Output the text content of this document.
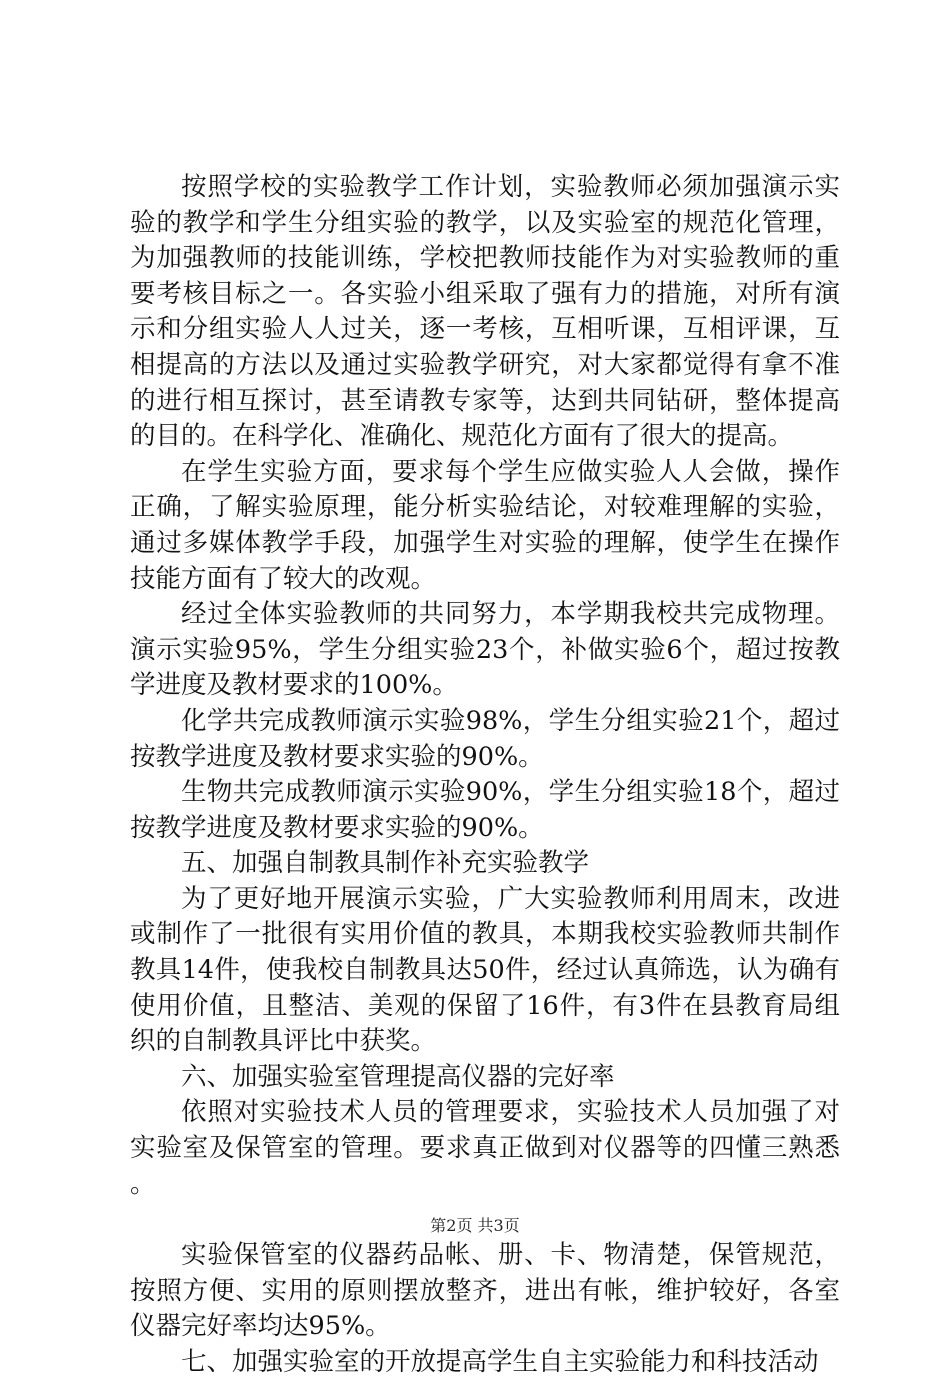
按照学校的实验教学工作计划，实验教师必须加强演示实验的教学和学生分组实验的教学，以及实验室的规范化管理，为加强教师的技能训练，学校把教师技能作为对实验教师的重要考核目标之一。各实验小组采取了强有力的措施，对所有演示和分组实验人人过关，逐一考核，互相听课，互相评课，互相提高的方法以及通过实验教学研究，对大家都觉得有拿不准的进行相互探讨，甚至请教专家等，达到共同钻研，整体提高的目的。在科学化、准确化、规范化方面有了很大的提高。

在学生实验方面，要求每个学生应做实验人人会做，操作正确，了解实验原理，能分析实验结论，对较难理解的实验，通过多媒体教学手段，加强学生对实验的理解，使学生在操作技能方面有了较大的改观。

经过全体实验教师的共同努力，本学期我校共完成物理。演示实验95%，学生分组实验23个，补做实验6个，超过按教学进度及教材要求的100%。

化学共完成教师演示实验98%，学生分组实验21个，超过按教学进度及教材要求实验的90%。

生物共完成教师演示实验90%，学生分组实验18个，超过按教学进度及教材要求实验的90%。

五、加强自制教具制作补充实验教学

为了更好地开展演示实验，广大实验教师利用周末，改进或制作了一批很有实用价值的教具，本期我校实验教师共制作教具14件，使我校自制教具达50件，经过认真筛选，认为确有使用价值，且整洁、美观的保留了16件，有3件在县教育局组织的自制教具评比中获奖。

六、加强实验室管理提高仪器的完好率

依照对实验技术人员的管理要求，实验技术人员加强了对实验室及保管室的管理。要求真正做到对仪器等的四懂三熟悉。

实验保管室的仪器药品帐、册、卡、物清楚，保管规范，按照方便、实用的原则摆放整齐，进出有帐，维护较好，各室仪器完好率均达95%。

七、加强实验室的开放提高学生自主实验能力和科技活动

第2页 共3页
